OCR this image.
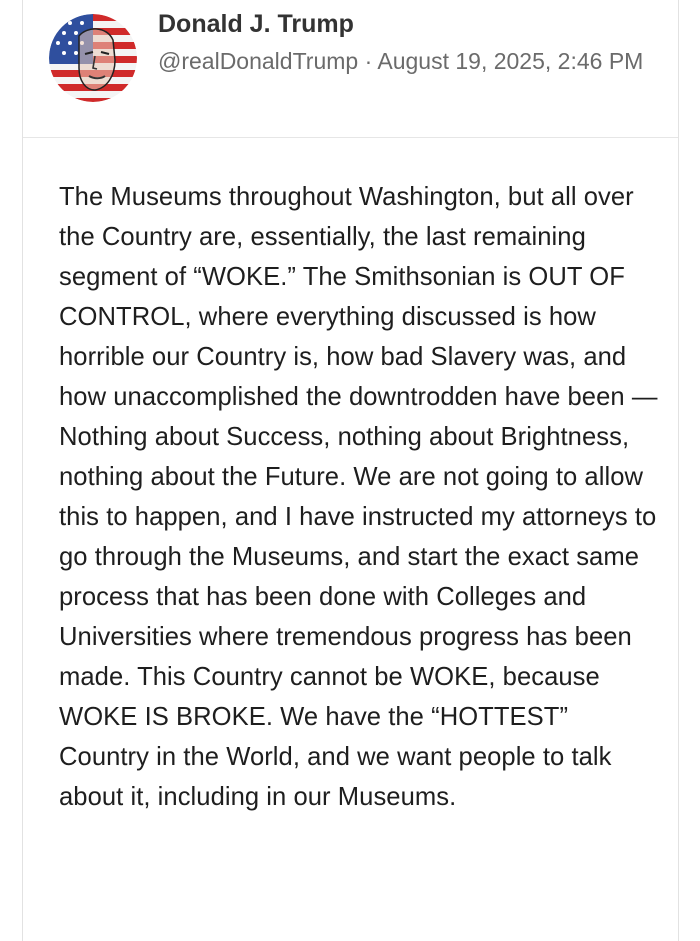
Donald J. Trump
@realDonaldTrump · August 19, 2025, 2:46 PM

The Museums throughout Washington, but all over the Country are, essentially, the last remaining segment of “WOKE.” The Smithsonian is OUT OF CONTROL, where everything discussed is how horrible our Country is, how bad Slavery was, and how unaccomplished the downtrodden have been — Nothing about Success, nothing about Brightness, nothing about the Future. We are not going to allow this to happen, and I have instructed my attorneys to go through the Museums, and start the exact same process that has been done with Colleges and Universities where tremendous progress has been made. This Country cannot be WOKE, because WOKE IS BROKE. We have the “HOTTEST” Country in the World, and we want people to talk about it, including in our Museums.
